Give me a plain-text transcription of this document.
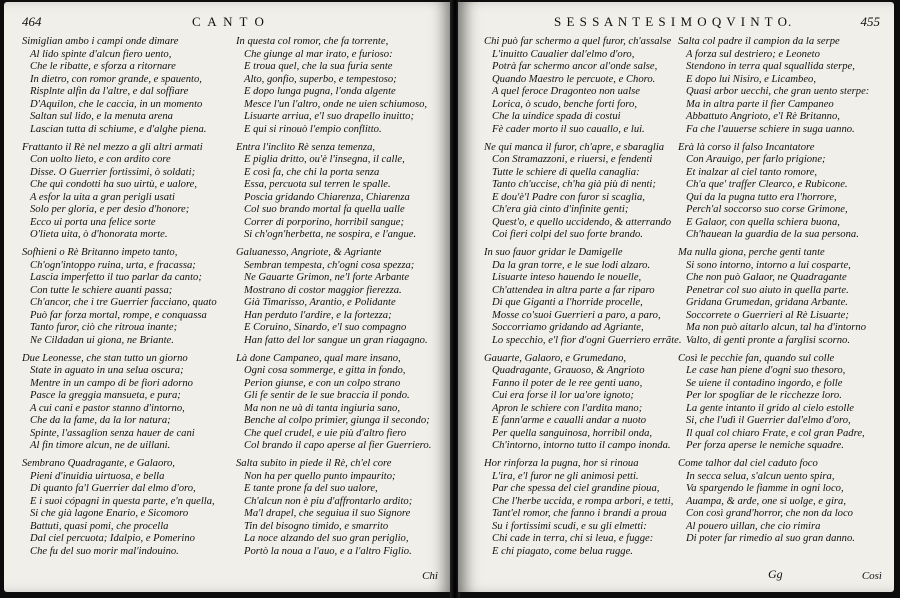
464	C A N T O
Simiglian ambo i campi onde dimare
Al lido spinte d'alcun fiero uento,
Che le ribatte, e sforza a ritornare
In dietro, con romor grande, e spauento,
Risplnte alfin da l'altre, e dal soffiare
D'Aquilon, che le caccia, in un momento
Saltan sul lido, e la menuta arena
Lascian tutta di schiume, e d'alghe piena.
Frattanto il Rè nel mezzo a gli altri armati
Con uolto lieto, e con ardito core
Disse. O Guerrier fortissimi, ò soldati;
Che quì condotti ha suo uirtù, e ualore,
A esfor la uita a gran perigli usati
Solo per gloria, e per desio d'honore;
Ecco ui porta una felice sorte
O'lieta uita, ò d'honorata morte.
Sofhieni o Rè Britanno impeto tanto,
Ch'ogn'intoppo ruina, urta, e fracassa;
Lascia imperfetto il tuo parlar da canto;
Con tutte le schiere auanti passa;
Ch'ancor, che i tre Guerrier facciano, quato
Può far forza mortal, rompe, e conquassa
Tanto furor, ciò che ritroua inante;
Ne Cildadan ui giona, ne Briante.
Due Leonesse, che stan tutto un giorno
State in aguato in una selua oscura;
Mentre in un campo di be fiori adorno
Pasce la greggia mansueta, e pura;
A cui cani e pastor stanno d'intorno,
Che da la fame, da la lor natura;
Spinte, l'assaglion senza hauer de cani
Al fin timore alcun, ne de uillani.
Sembrano Quadragante, e Galaoro,
Pieni d'inuidia uirtuosa, e bella
Di quanto fa'l Guerrier dal elmo d'oro,
E i suoi cópagni in questa parte, e'n quella,
Si che già lagone Enario, e Sicomoro
Battuti, quasi pomi, che procella
Dal ciel percuota; Idalpio, e Pomerino
Che fu del suo morir mal'indouino.
In questa col romor, che fa torrente,
Che giunge al mar irato, e furioso:
E troua quel, che la sua furia sente
Alto, gonfio, superbo, e tempestoso;
E dopo lunga pugna, l'onda algente
Mesce l'un l'altro, onde ne uien schiumoso,
Lisuarte arriua, e'l suo drapello inuitto;
E qui si rinouò l'empio conflitto.
Entra l'inclito Rè senza temenza,
E piglia dritto, ou'è l'insegna, il calle,
E così fa, che chi la porta senza
Essa, percuota sul terren le spalle.
Poscia gridando Chiarenza, Chiarenza
Col suo brando mortal fa quella ualle
Correr di porporino, horribil sangue;
Si ch'ogn'herbetta, ne sospira, e l'angue.
Galuanesso, Angriote, & Agriante
Sembran tempesta, ch'ogni cosa spezza;
Ne Gauarte Grimon, ne'l forte Arbante
Mostrano di costor maggior fierezza.
Già Timarisso, Arantio, e Polidante
Han perduto l'ardire, e la fortezza;
E Coruino, Sinardo, e'l suo compagno
Han fatto del lor sangue un gran riagagno.
Là done Campaneo, qual mare insano,
Ogni cosa sommerge, e gitta in fondo,
Perion giunse, e con un colpo strano
Gli fe sentir de le sue braccia il pondo.
Ma non ne uà di tanta ingiuria sano,
Benche al colpo primier, giunga il secondo;
Che quel crudel, e uie più d'altro fiero
Col brando il capo aperse al fier Guerriero.
Salta subito in piede il Rè, ch'el core
Non ha per quello punto impaurito;
E tante prone fa del suo ualore,
Ch'alcun non è piu d'affrontarlo ardito;
Ma'l drapel, che seguiua il suo Signore
Tin del bisogno timido, e smarrito
La noce alzando del suo gran periglio,
Portò la noua a l'auo, e a l'altro Figlio.
Chi
S E S S A N T E S I M O Q V I N T O.	455
Chi può far schermo a quel furor, ch'assalse
L'inuitto Caualier dal'elmo d'oro,
Potrà far schermo ancor al'onde salse,
Quando Maestro le percuote, e Choro.
A quel feroce Dragonteo non ualse
Lorica, ò scudo, benche forti foro,
Che la uindice spada di costui
Fè cader morto il suo cauallo, e lui.
Ne qui manca il furor, ch'apre, e sbaraglia
Con Stramazzoni, e riuersi, e fendenti
Tutte le schiere di quella canaglia:
Tanto ch'uccise, ch'ha già più di nenti;
E dou'è'l Padre con furor si scaglia,
Ch'era già cinto d'infinite genti;
Quest'o, e quello uccidendo, & atterrando
Coi fieri colpi del suo forte brando.
In suo fauor gridar le Damigelle
Da la gran torre, e le sue lodi alzaro.
Lisuarte inteso hauendo le nouelle,
Ch'attendea in altra parte a far riparo
Di que Giganti a l'horride procelle,
Mosse co'suoi Guerrieri a paro, a paro,
Soccorriamo gridando ad Agriante,
Lo specchio, e'l fior d'ogni Guerriero errãte.
Gauarte, Galaoro, e Grumedano,
Quadragante, Grauoso, & Angrioto
Fanno il poter de le ree genti uano,
Cui era forse il lor ua'ore ignoto;
Apron le schiere con l'ardita mano;
E fann'arme e caualli andar a nuoto
Per quella sanguinosa, horribil onda,
Ch'intorno, intorno tutto il campo inonda.
Hor rinforza la pugna, hor si rinoua
L'ira, e'l furor ne gli animosi petti.
Par che spessa del ciel grandine pioua,
Che l'herbe uccida, e rompa arbori, e tetti,
Tant'el romor, che fanno i brandi a proua
Su i fortissimi scudi, e su gli elmetti:
Chi cade in terra, chi si leua, e fugge:
E chi piagato, come belua rugge.
Salta col padre il campion da la serpe
A forza sul destriero; e Leoneto
Stendono in terra qual squallida sterpe,
E dopo lui Nisiro, e Licambeo,
Quasi arbor uecchi, che gran uento sterpe:
Ma in altra parte il fier Campaneo
Abbattuto Angrioto, e'l Rè Britanno,
Fa che l'auuerse schiere in suga uanno.
Erà là corso il falso Incantatore
Con Arauigo, per farlo prigione;
Et inalzar al ciel tanto romore,
Ch'a que' traffer Clearco, e Rubicone.
Qui da la pugna tutto era l'horrore,
Perch'al soccorso suo corse Grimone,
E Galaor, con quella schiera buona,
Ch'hauean la guardia de la sua persona.
Ma nulla giona, perche genti tante
Si sono intorno, intorno a lui cosparte,
Che non può Galaor, ne Quadragante
Penetrar col suo aiuto in quella parte.
Gridana Grumedan, gridana Arbante.
Soccorrete o Guerrieri al Rè Lisuarte;
Ma non può aitarlo alcun, tal ha d'intorno
Valto, di genti pronte a farglisi scorno.
Così le pecchie fan, quando sul colle
Le case han piene d'ogni suo thesoro,
Se uiene il contadino ingordo, e folle
Per lor spogliar de le ricchezze loro.
La gente intanto il grido al cielo estolle
Si, che l'udì il Guerrier dal'elmo d'oro,
Il qual col chiaro Frate, e col gran Padre,
Per forza aperse le nemiche squadre.
Come talhor dal ciel caduto foco
In secca selua, s'alcun uento spira,
Va spargendo le fiamme in ogni loco,
Auampa, & arde, one si uolge, e gira,
Con così grand'horror, che non da loco
Al pouero uillan, che cio rimira
Di poter far rimedio al suo gran danno.
Gg	Così
